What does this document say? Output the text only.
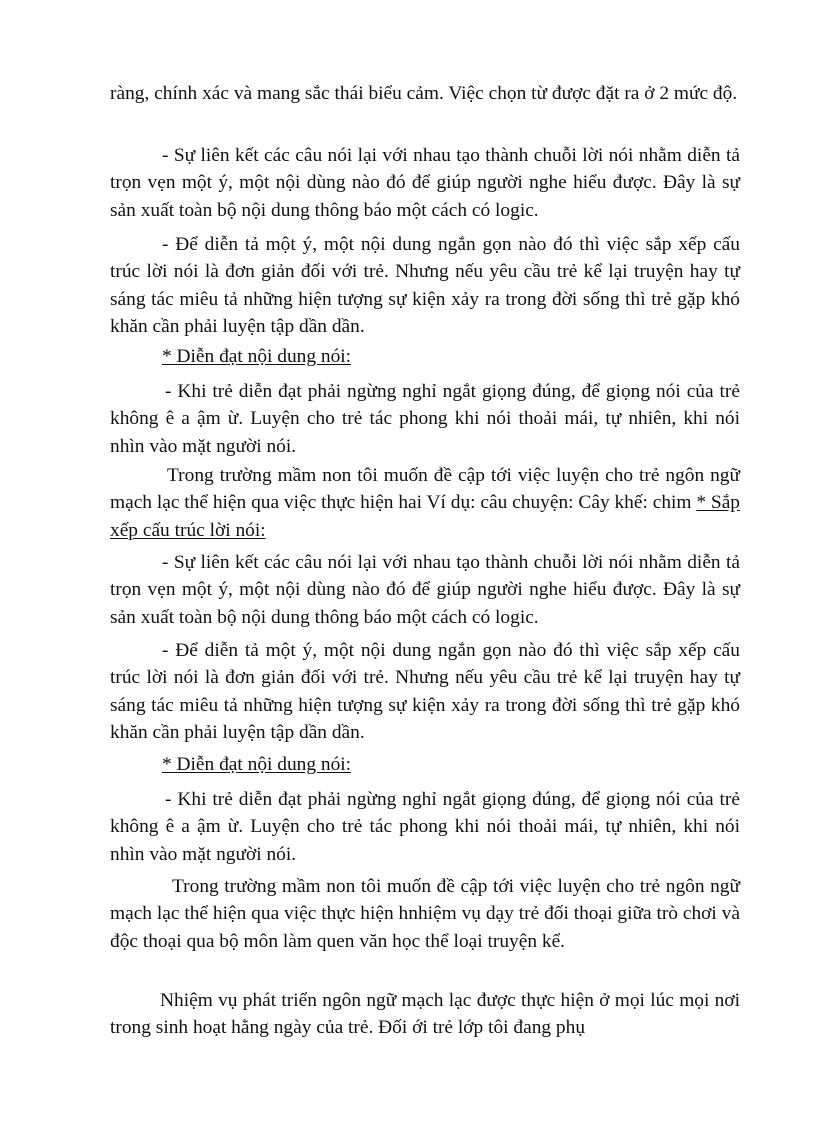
ràng, chính xác và mang sắc thái biểu cảm. Việc chọn từ được đặt ra ở 2 mức độ.

- Sự liên kết các câu nói lại với nhau tạo thành chuỗi lời nói nhằm diễn tả trọn vẹn một ý, một nội dùng nào đó để giúp người nghe hiểu được. Đây là sự sản xuất toàn bộ nội dung thông báo một cách có logic.

- Để diễn tả một ý, một nội dung ngắn gọn nào đó thì việc sắp xếp cấu trúc lời nói là đơn giản đối với trẻ. Nhưng nếu yêu cầu trẻ kể lại truyện hay tự sáng tác miêu tả những hiện tượng sự kiện xảy ra trong đời sống thì trẻ gặp khó khăn cần phải luyện tập dần dần.

* Diễn đạt nội dung nói:

- Khi trẻ diễn đạt phải ngừng nghỉ ngắt giọng đúng, để giọng nói của trẻ không ê a ậm ừ. Luyện cho trẻ tác phong khi nói thoải mái, tự nhiên, khi nói nhìn vào mặt người nói.

Trong trường mầm non tôi muốn đề cập tới việc luyện cho trẻ ngôn ngữ mạch lạc thể hiện qua việc thực hiện hai Ví dụ: câu chuyện: Cây khế: chim * Sắp xếp cấu trúc lời nói:

- Sự liên kết các câu nói lại với nhau tạo thành chuỗi lời nói nhằm diễn tả trọn vẹn một ý, một nội dùng nào đó để giúp người nghe hiểu được. Đây là sự sản xuất toàn bộ nội dung thông báo một cách có logic.

- Để diễn tả một ý, một nội dung ngắn gọn nào đó thì việc sắp xếp cấu trúc lời nói là đơn giản đối với trẻ. Nhưng nếu yêu cầu trẻ kể lại truyện hay tự sáng tác miêu tả những hiện tượng sự kiện xảy ra trong đời sống thì trẻ gặp khó khăn cần phải luyện tập dần dần.

* Diễn đạt nội dung nói:

- Khi trẻ diễn đạt phải ngừng nghỉ ngắt giọng đúng, để giọng nói của trẻ không ê a ậm ừ. Luyện cho trẻ tác phong khi nói thoải mái, tự nhiên, khi nói nhìn vào mặt người nói.

Trong trường mầm non tôi muốn đề cập tới việc luyện cho trẻ ngôn ngữ mạch lạc thể hiện qua việc thực hiện hnhiệm vụ dạy trẻ đối thoại giữa trò chơi và độc thoại qua bộ môn làm quen văn học thể loại truyện kể.

Nhiệm vụ phát triển ngôn ngữ mạch lạc được thực hiện ở mọi lúc mọi nơi trong sinh hoạt hằng ngày của trẻ. Đối ới trẻ lớp tôi đang phụ
